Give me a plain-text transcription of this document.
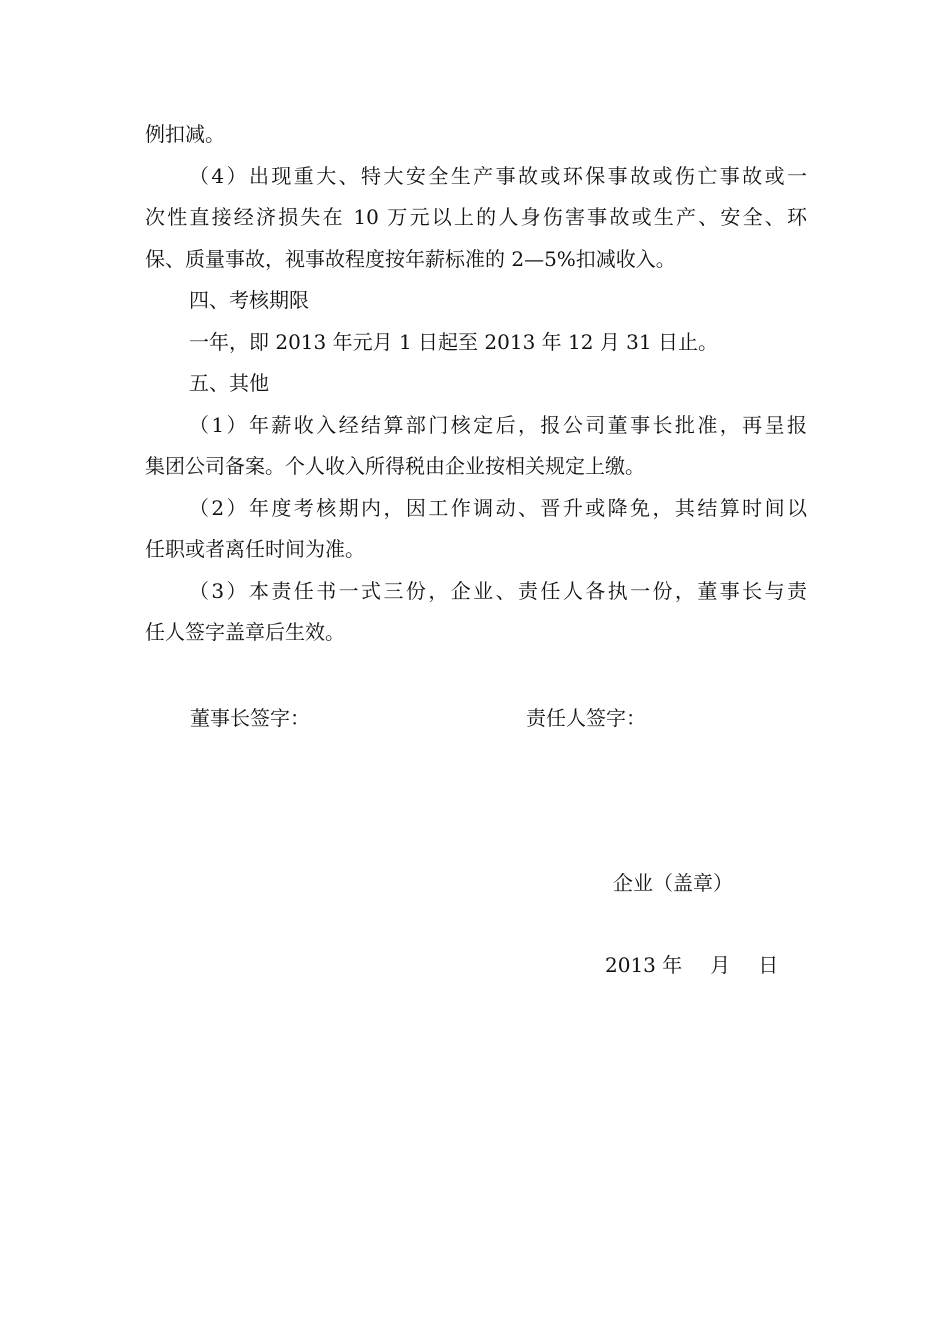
例扣减。
（4）出现重大、特大安全生产事故或环保事故或伤亡事故或一
次性直接经济损失在 10 万元以上的人身伤害事故或生产、安全、环
保、质量事故，视事故程度按年薪标准的 2—5%扣减收入。
四、考核期限
一年，即 2013 年元月 1 日起至 2013 年 12 月 31 日止。
五、其他
（1）年薪收入经结算部门核定后，报公司董事长批准，再呈报
集团公司备案。个人收入所得税由企业按相关规定上缴。
（2）年度考核期内，因工作调动、晋升或降免，其结算时间以
任职或者离任时间为准。
（3）本责任书一式三份，企业、责任人各执一份，董事长与责
任人签字盖章后生效。
董事长签字：	责任人签字：
企业（盖章）
2013 年 月 日
